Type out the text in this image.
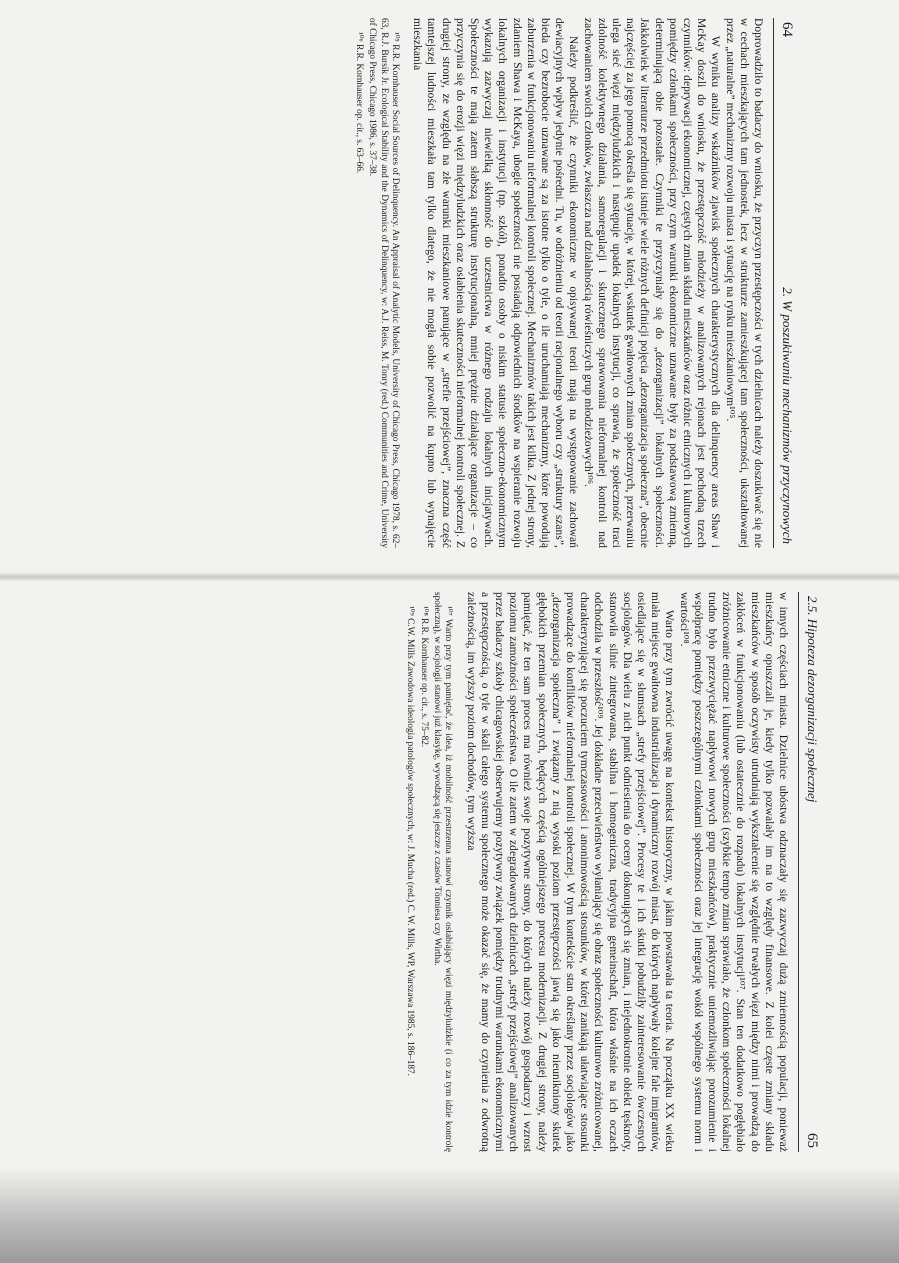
64
2. W poszukiwaniu mechanizmów przyczynowych

Doprowadziło to badaczy do wniosku, że przyczyn przestępczości w tych dzielnicach należy doszukiwać się nie w cechach mieszkających tam jednostek, lecz w strukturze zamieszkującej tam społeczności, ukształtowanej przez „naturalne” mechanizmy rozwoju miasta i sytuację na rynku mieszkaniowym¹⁰⁵.

W wyniku analizy wskaźników zjawisk społecznych charakterystycznych dla delinquency areas Shaw i McKay doszli do wniosku, że przestępczość młodzieży w analizowanych rejonach jest pochodną trzech czynników: deprywacji ekonomicznej, częstych zmian składu mieszkańców oraz różnic etnicznych i kulturowych pomiędzy członkami społeczności, przy czym warunki ekonomiczne uznawane były za podstawową zmienną, determinującą obie pozostałe. Czynniki te przyczyniały się do „dezorganizacji” lokalnych społeczności. Jakkolwiek w literaturze przedmiotu istnieje wiele różnych definicji pojęcia „dezorganizacja społeczna”, obecnie najczęściej za jego pomocą określa się sytuację, w której, wskutek gwałtownych zmian społecznych, przerwaniu ulega sieć więzi międzyludzkich i następuje upadek lokalnych instytucji, co sprawia, że społeczność traci zdolność kolektywnego działania, samoregulacji i skutecznego sprawowania nieformalnej kontroli nad zachowaniem swoich członków, zwłaszcza nad działalnością rówieśniczych grup młodzieżowych¹⁰⁶.

Należy podkreślić, że czynniki ekonomiczne w opisywanej teorii mają na występowanie zachowań dewiacyjnych wpływ jedynie pośredni. Tu, w odróżnieniu od teorii racjonalnego wyboru czy „struktury szans”, bieda czy bezrobocie uznawane są za istotne tylko o tyle, o ile uruchamiają mechanizmy, które powodują zaburzenia w funkcjonowaniu nieformalnej kontroli społecznej. Mechanizmów takich jest kilka. Z jednej strony, zdaniem Shawa i McKaya, ubogie społeczności nie posiadają odpowiednich środków na wspieranie rozwoju lokalnych organizacji i instytucji (np. szkół), ponadto osoby o niskim statusie społeczno-ekonomicznym wykazują zazwyczaj niewielką skłonność do uczestnictwa w różnego rodzaju lokalnych inicjatywach. Społeczności te mają zatem słabszą strukturę instytucjonalną, mniej prężnie działające organizacje – co przyczynia się do erozji więzi międzyludzkich oraz osłabienia skuteczności nieformalnej kontroli społecznej. Z drugiej strony, ze względu na złe warunki mieszkaniowe panujące w „strefie przejściowej”, znaczna część tamtejszej ludności mieszkała tam tylko dlatego, że nie mogła sobie pozwolić na kupno lub wynajęcie mieszkania

¹⁰⁵ R.R. Kornhauser Social Sources of Delinquency. An Appraisal of Analytic Models, University of Chicago Press, Chicago 1978, s. 62–63, R.J. Bursik Jr. Ecological Stability and the Dynamics of Delinquency, w: A.J. Reiss, M. Tonry (red.) Communities and Crime, University of Chicago Press, Chicago 1986, s. 37–38.
¹⁰⁶ R.R. Kornhauser op. cit., s. 63–66.
2.5. Hipoteza dezorganizacji społecznej
65

w innych częściach miasta. Dzielnice ubóstwa odznaczały się zazwyczaj dużą zmiennością populacji, ponieważ mieszkańcy opuszczali je, kiedy tylko pozwalały im na to względy finansowe. Z kolei częste zmiany składu mieszkańców w sposób oczywisty utrudniają wykształcenie się względnie trwałych więzi między nimi i prowadzą do zakłóceń w funkcjonowaniu (lub ostatecznie do rozpadu) lokalnych instytucji¹⁰⁷. Stan ten dodatkowo pogłębiało zróżnicowanie etniczne i kulturowe społeczności (szybkie tempo zmian sprawiało, że członkom społeczności lokalnej trudno było przezwyciężać napływowi nowych grup mieszkańców), praktycznie uniemożliwiając porozumienie i współpracę pomiędzy poszczególnymi członkami społeczności oraz jej integrację wokół wspólnego systemu norm i wartości¹⁰⁸.

Warto przy tym zwrócić uwagę na kontekst historyczny, w jakim powstawała ta teoria. Na początku XX wieku miała miejsce gwałtowna industrializacja i dynamiczny rozwój miast, do których napływały kolejne fale imigrantów, osiedlające się w słumsach „strefy przejściowej”. Procesy te i ich skutki pobudziły zainteresowanie ówczesnych socjologów. Dla wielu z nich punkt odniesienia do oceny dokonujących się zmian, i niejednokrotnie obiekt tęsknoty, stanowiła silnie zintegrowana, stabilna i homogeniczna, tradycyjna gemeinschaft, która właśnie na ich oczach odchodziła w przeszłość¹⁰⁹. Jej dokładne przeciwieństwo wyłaniający się obraz społeczności kulturowo zróżnicowanej, charakteryzującej się poczuciem tymczasowości i anonimowością stosunków, w której zanikają ułatwiające stosunki prowadzące do konfliktów nieformalnej kontroli społecznej. W tym kontekście stan określany przez socjologów jako „dezorganizacja społeczna” i związany z nią wysoki poziom przestępczości jawią się jako nieunikniony skutek głębokich przemian społecznych, będących częścią ogólniejszego procesu modernizacji. Z drugiej strony, należy pamiętać, że ten sam proces ma również swoje pozytywne strony, do których należy rozwój gospodarczy i wzrost poziomu zamożności społeczeństwa. O ile zatem w zdegradowanych dzielnicach „strefy przejściowej” analizowanych przez badaczy szkoły chicagowskiej obserwujemy pozytywny związek pomiędzy trudnymi warunkami ekonomicznymi a przestępczością, o tyle w skali całego systemu społecznego może okazać się, że mamy do czynienia z odwrotną zależnością, im wyższy poziom dochodów, tym wyższa

¹⁰⁷ Warto przy tym pamiętać, że idea, iż mobilność przestrzenna stanowi czynnik osłabiający więzi międzyludzkie (i co za tym idzie kontrolę społeczną), w socjologii stanowi już klasykę, wywodzącą się jeszcze z czasów Tönniesa czy Wirtha.
¹⁰⁸ R.R. Kornhauser op. cit., s. 75–82.
¹⁰⁹ C.W. Mills Zawodowa ideologia patologów społecznych, w: J. Mucha (red.) C. W. Mills, WP, Warszawa 1985, s. 186–187.
